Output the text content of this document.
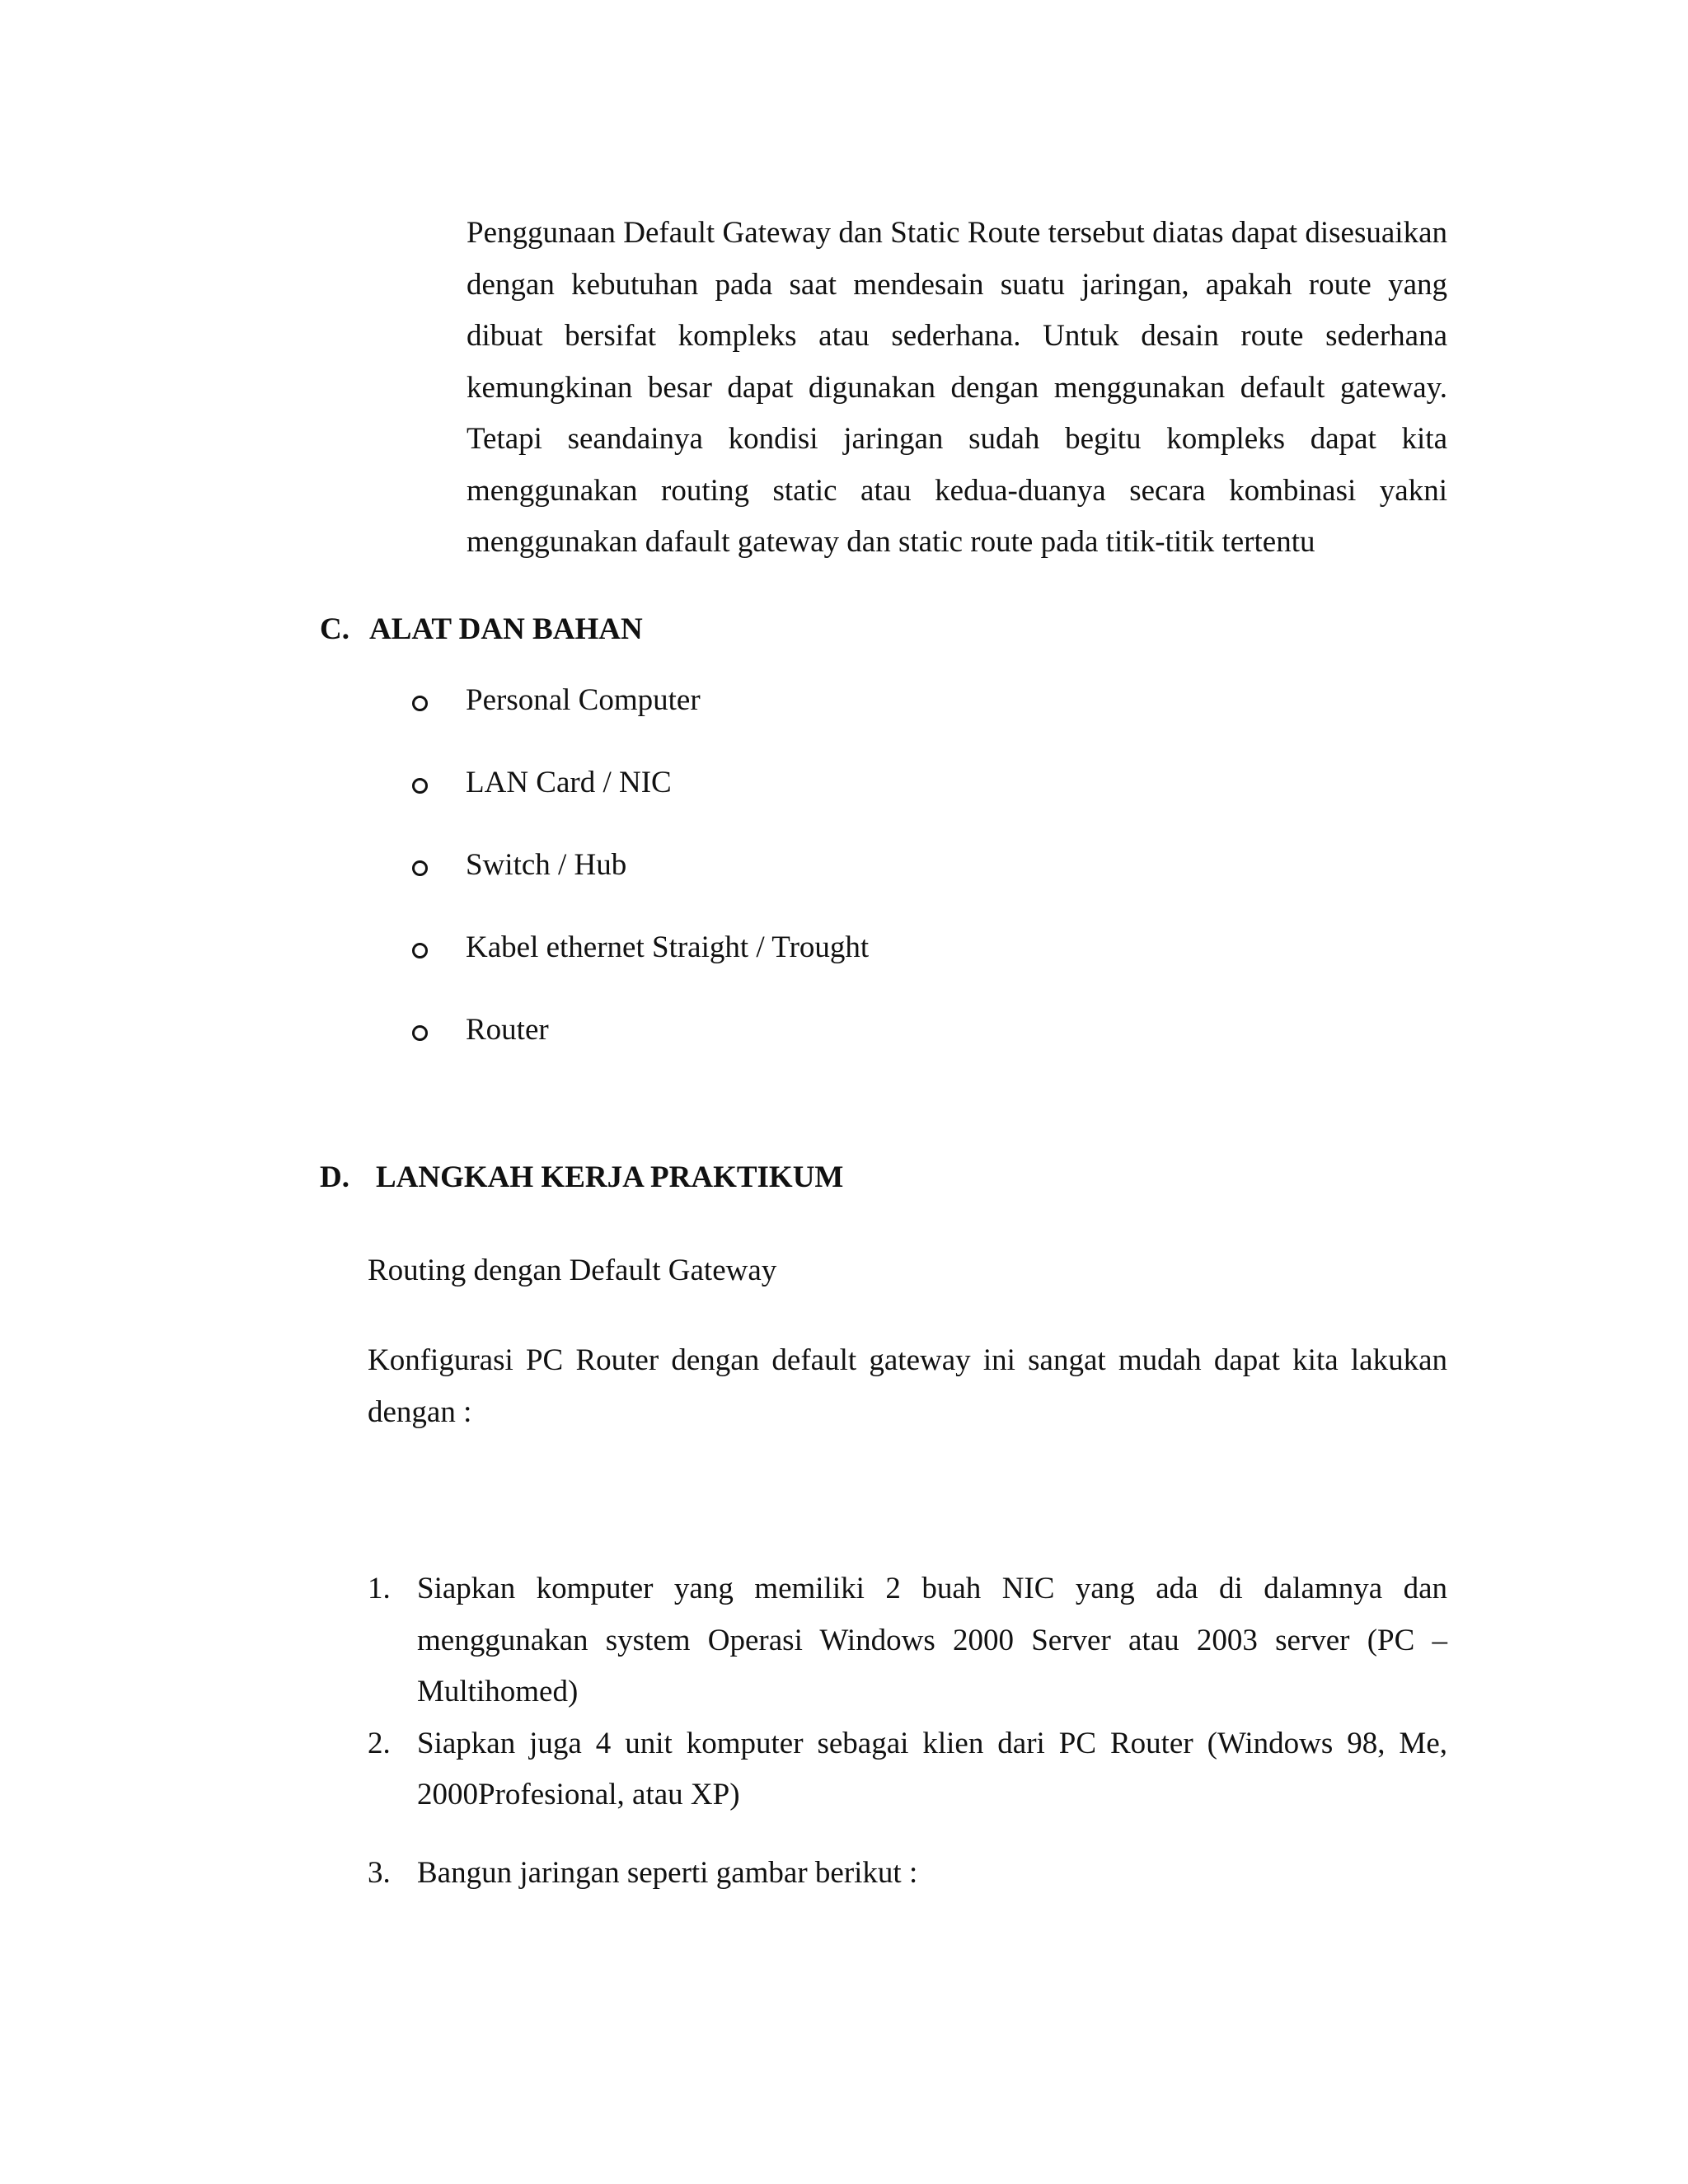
Penggunaan Default Gateway dan Static Route tersebut diatas dapat disesuaikan dengan kebutuhan pada saat mendesain suatu jaringan, apakah route yang dibuat bersifat kompleks atau sederhana. Untuk desain route sederhana kemungkinan besar dapat digunakan dengan menggunakan default gateway. Tetapi seandainya kondisi jaringan sudah begitu kompleks dapat kita menggunakan routing static atau kedua-duanya secara kombinasi yakni menggunakan dafault gateway dan static route pada titik-titik tertentu

C. ALAT DAN BAHAN
Personal Computer
LAN Card / NIC
Switch / Hub
Kabel ethernet Straight / Trought
Router
D. LANGKAH KERJA PRAKTIKUM

Routing dengan Default Gateway

Konfigurasi PC Router dengan default gateway ini sangat mudah dapat kita lakukan dengan :

1. Siapkan komputer yang memiliki 2 buah NIC yang ada di dalamnya dan menggunakan system Operasi Windows 2000 Server atau 2003 server (PC – Multihomed)
2. Siapkan juga 4 unit komputer sebagai klien dari PC Router (Windows 98, Me, 2000Profesional, atau XP)
3. Bangun jaringan seperti gambar berikut :
